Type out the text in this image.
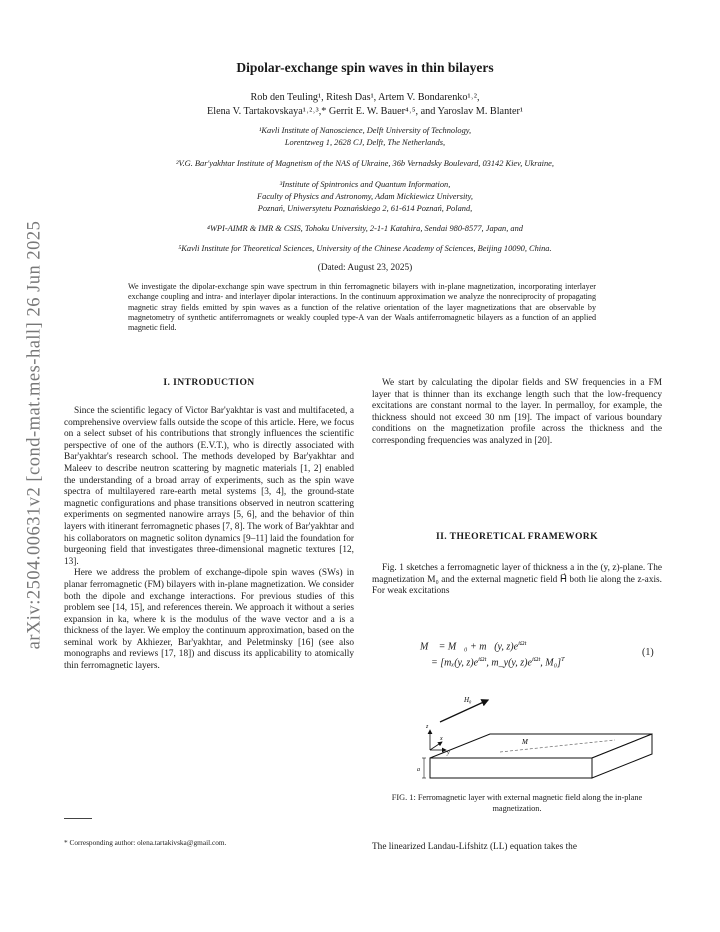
arXiv:2504.00631v2 [cond-mat.mes-hall] 26 Jun 2025
Dipolar-exchange spin waves in thin bilayers
Rob den Teuling¹, Ritesh Das¹, Artem V. Bondarenko¹˒²,
Elena V. Tartakovskaya¹˒²˒³,* Gerrit E. W. Bauer⁴˒⁵, and Yaroslav M. Blanter¹
¹Kavli Institute of Nanoscience, Delft University of Technology,
Lorentzweg 1, 2628 CJ, Delft, The Netherlands,
²V.G. Bar'yakhtar Institute of Magnetism of the NAS of Ukraine, 36b Vernadsky Boulevard, 03142 Kiev, Ukraine,
³Institute of Spintronics and Quantum Information,
Faculty of Physics and Astronomy, Adam Mickiewicz University,
Poznań, Uniwersytetu Poznańskiego 2, 61-614 Poznań, Poland,
⁴WPI-AIMR & IMR & CSIS, Tohoku University, 2-1-1 Katahira, Sendai 980-8577, Japan, and
⁵Kavli Institute for Theoretical Sciences, University of the Chinese Academy of Sciences, Beijing 10090, China.
(Dated: August 23, 2025)
We investigate the dipolar-exchange spin wave spectrum in thin ferromagnetic bilayers with in-plane magnetization, incorporating interlayer exchange coupling and intra- and interlayer dipolar interactions. In the continuum approximation we analyze the nonreciprocity of propagating magnetic stray fields emitted by spin waves as a function of the relative orientation of the layer magnetizations that are observable by magnetometry of synthetic antiferromagnets or weakly coupled type-A van der Waals antiferromagnetic bilayers as a function of an applied magnetic field.
I. INTRODUCTION

Since the scientific legacy of Victor Bar'yakhtar is vast and multifaceted, a comprehensive overview falls outside the scope of this article. Here, we focus on a select subset of his contributions that strongly influences the scientific perspective of one of the authors (E.V.T.), who is directly associated with Bar'yakhtar's research school. The methods developed by Bar'yakhtar and Maleev to describe neutron scattering by magnetic materials [1, 2] enabled the understanding of a broad array of experiments, such as the spin wave spectra of multilayered rare-earth metal systems [3, 4], the ground-state magnetic configurations and phase transitions observed in neutron scattering experiments on segmented nanowire arrays [5, 6], and the behavior of thin layers with itinerant ferromagnetic phases [7, 8]. The work of Bar'yakhtar and his collaborators on magnetic soliton dynamics [9–11] laid the foundation for burgeoning field that investigates three-dimensional magnetic textures [12, 13].

Here we address the problem of exchange-dipole spin waves (SWs) in planar ferromagnetic (FM) bilayers with in-plane magnetization. We consider both the dipole and exchange interactions. For previous studies of this problem see [14, 15], and references therein. We approach it without a series expansion in ka, where k is the modulus of the wave vector and a is a thickness of the layer. We employ the continuum approximation, based on the seminal work by Akhiezer, Bar'yakhtar, and Peletminsky [16] (see also monographs and reviews [17, 18]) and discuss its applicability to atomically thin ferromagnetic layers.

* Corresponding author: olena.tartakivska@gmail.com.

We start by calculating the dipolar fields and SW frequencies in a FM layer that is thinner than its exchange length such that the low-frequency excitations are constant normal to the layer. In permalloy, for example, the thickness should not exceed 30 nm [19]. The impact of various boundary conditions on the magnetization profile across the thickness and the corresponding frequencies was analyzed in [20].

II. THEORETICAL FRAMEWORK

Fig. 1 sketches a ferromagnetic layer of thickness a in the (y, z)-plane. The magnetization M₀ and the external magnetic field H⃗ both lie along the z-axis. For weak excitations

M⃗ = M⃗₀ + m⃗(y, $z)e^{i\Omega t}$
= [mₓ(y, $z)e^{i\Omega t}$, m_y(y, $z)e^{i\Omega t}$, M₀]$^T$
(1)
H₀
M
z
x
y
a
FIG. 1: Ferromagnetic layer with external magnetic field along the in-plane magnetization.

The linearized Landau-Lifshitz (LL) equation takes the
